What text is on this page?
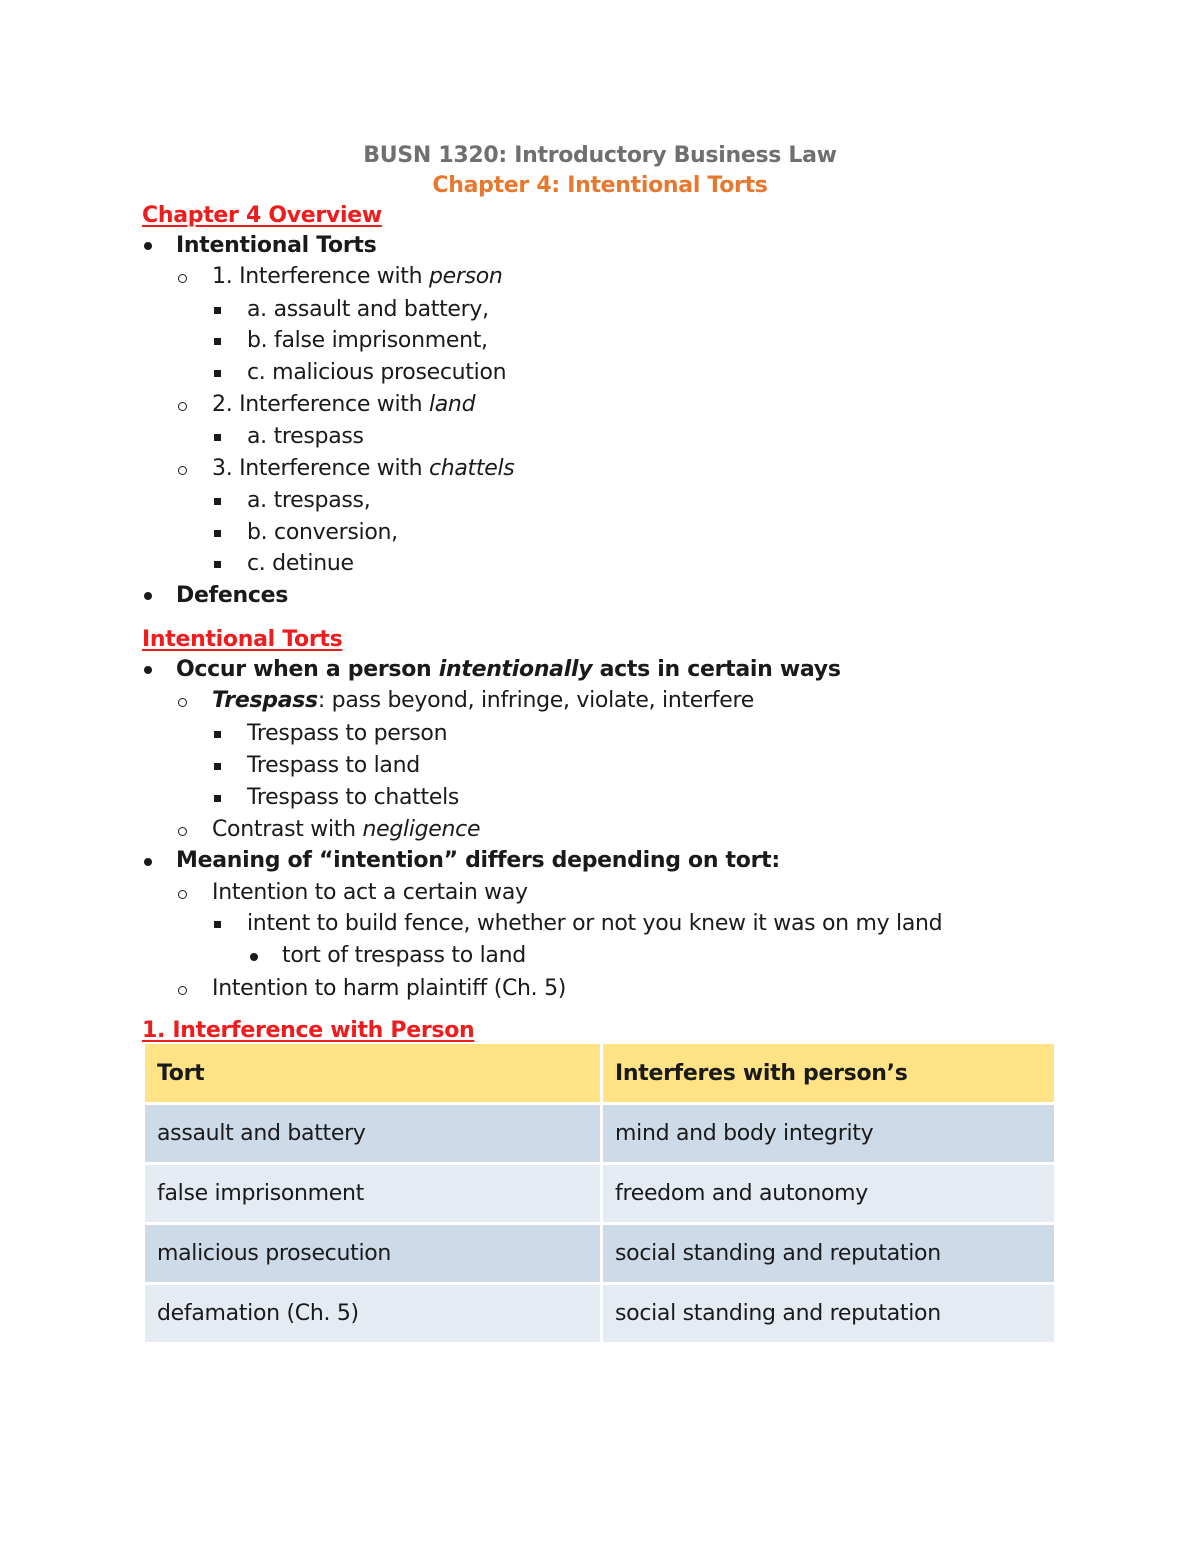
BUSN 1320: Introductory Business Law
Chapter 4: Intentional Torts
Chapter 4 Overview
Intentional Torts
1. Interference with person
a. assault and battery,
b. false imprisonment,
c. malicious prosecution
2. Interference with land
a. trespass
3. Interference with chattels
a. trespass,
b. conversion,
c. detinue
Defences
Intentional Torts
Occur when a person intentionally acts in certain ways
Trespass: pass beyond, infringe, violate, interfere
Trespass to person
Trespass to land
Trespass to chattels
Contrast with negligence
Meaning of “intention” differs depending on tort:
Intention to act a certain way
intent to build fence, whether or not you knew it was on my land
tort of trespass to land
Intention to harm plaintiff (Ch. 5)
1. Interference with Person
Tort	Interferes with person’s
assault and battery	mind and body integrity
false imprisonment	freedom and autonomy
malicious prosecution	social standing and reputation
defamation (Ch. 5)	social standing and reputation
